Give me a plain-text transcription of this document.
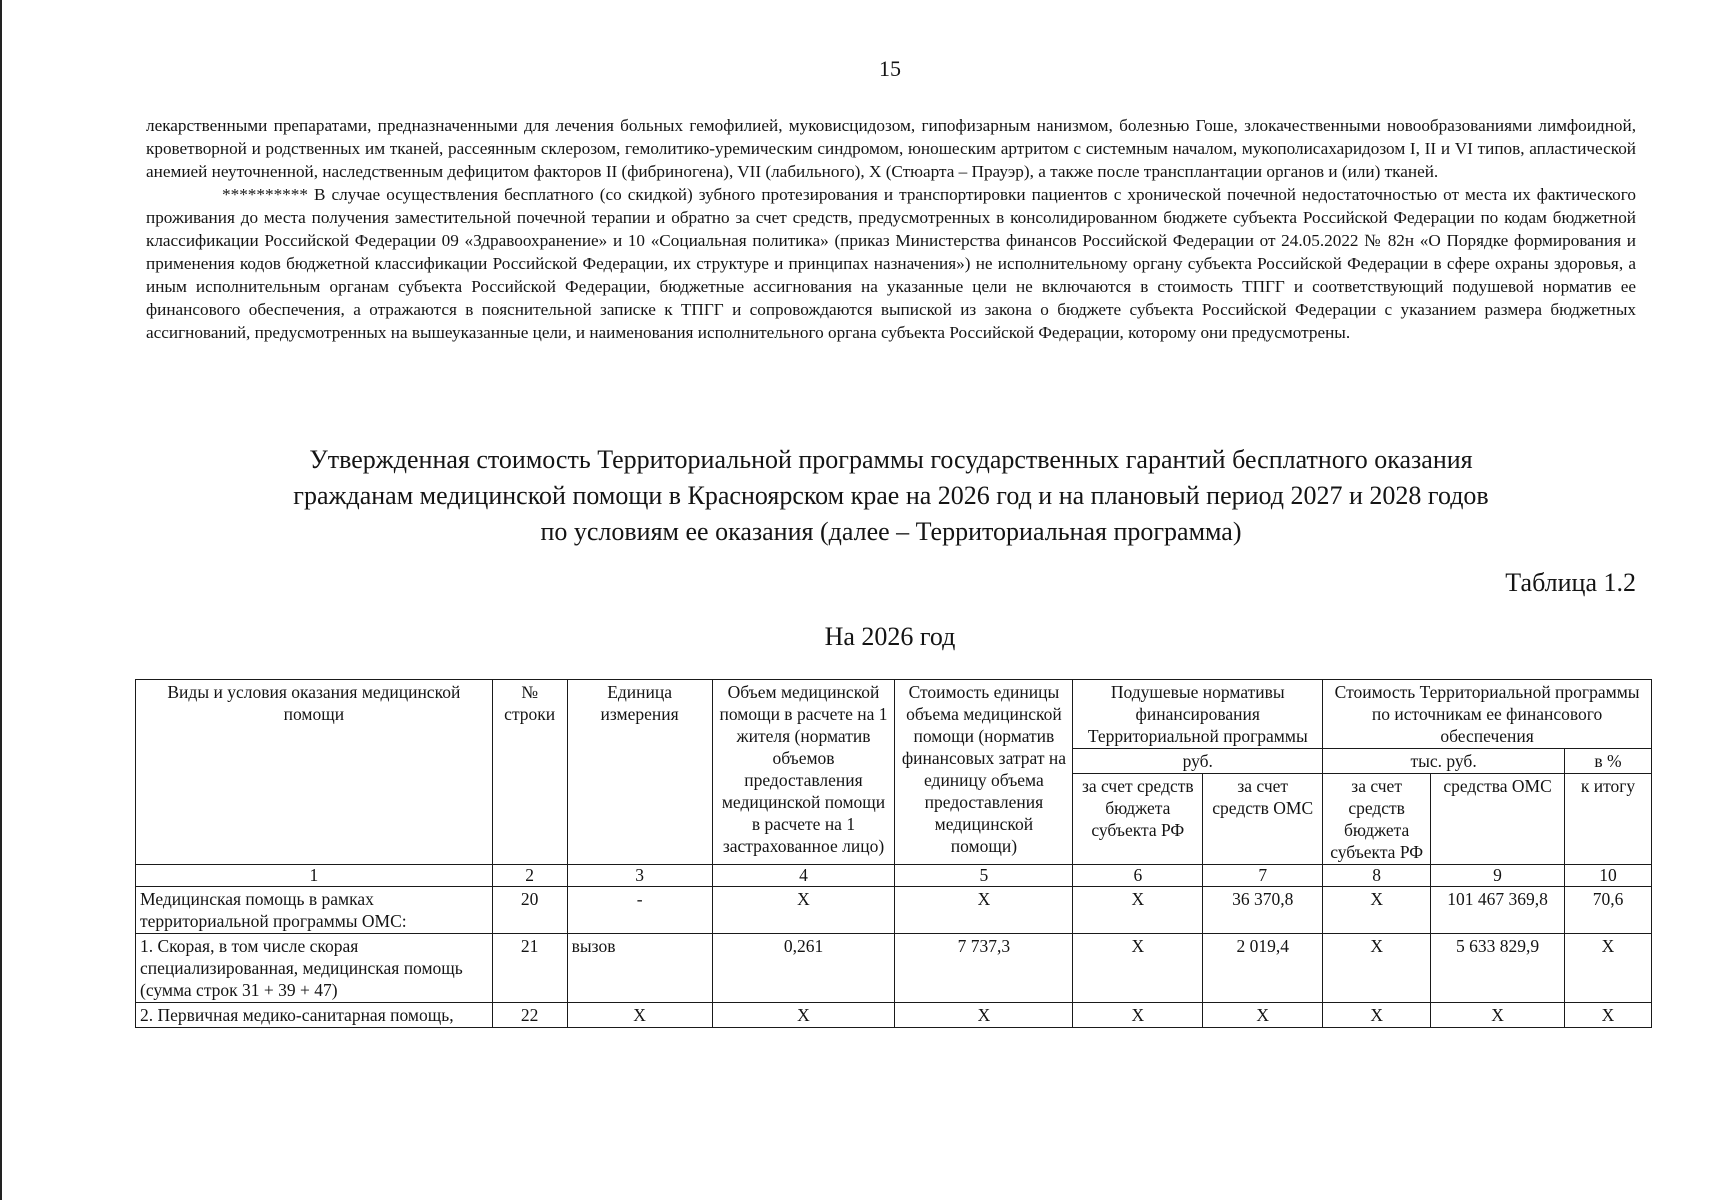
15

лекарственными препаратами, предназначенными для лечения больных гемофилией, муковисцидозом, гипофизарным нанизмом, болезнью Гоше, злокачественными новообразованиями лимфоидной, кроветворной и родственных им тканей, рассеянным склерозом, гемолитико-уремическим синдромом, юношеским артритом с системным началом, мукополисахаридозом I, II и VI типов, апластической анемией неуточненной, наследственным дефицитом факторов II (фибриногена), VII (лабильного), X (Стюарта – Прауэр), а также после трансплантации органов и (или) тканей.

********** В случае осуществления бесплатного (со скидкой) зубного протезирования и транспортировки пациентов с хронической почечной недостаточностью от места их фактического проживания до места получения заместительной почечной терапии и обратно за счет средств, предусмотренных в консолидированном бюджете субъекта Российской Федерации по кодам бюджетной классификации Российской Федерации 09 «Здравоохранение» и 10 «Социальная политика» (приказ Министерства финансов Российской Федерации от 24.05.2022 № 82н «О Порядке формирования и применения кодов бюджетной классификации Российской Федерации, их структуре и принципах назначения») не исполнительному органу субъекта Российской Федерации в сфере охраны здоровья, а иным исполнительным органам субъекта Российской Федерации, бюджетные ассигнования на указанные цели не включаются в стоимость ТПГГ и соответствующий подушевой норматив ее финансового обеспечения, а отражаются в пояснительной записке к ТПГГ и сопровождаются выпиской из закона о бюджете субъекта Российской Федерации с указанием размера бюджетных ассигнований, предусмотренных на вышеуказанные цели, и наименования исполнительного органа субъекта Российской Федерации, которому они предусмотрены.

Утвержденная стоимость Территориальной программы государственных гарантий бесплатного оказания
гражданам медицинской помощи в Красноярском крае на 2026 год и на плановый период 2027 и 2028 годов
по условиям ее оказания (далее – Территориальная программа)
Таблица 1.2
На 2026 год
Виды и условия оказания медицинской помощи	№ строки	Единица измерения	Объем медицинской помощи в расчете на 1 жителя (норматив объемов предоставления медицинской помощи в расчете на 1 застрахованное лицо)	Стоимость единицы объема медицинской помощи (норматив финансовых затрат на единицу объема предоставления медицинской помощи)	Подушевые нормативы финансирования Территориальной программы		Стоимость Территориальной программы по источникам ее финансового обеспечения		
					руб.		тыс. руб.		в %
					за счет средств бюджета субъекта РФ	за счет средств ОМС	за счет средств бюджета субъекта РФ	средства ОМС	к итогу
1	2	3	4	5	6	7	8	9	10
Медицинская помощь в рамках территориальной программы ОМС:	20	-	X	X	X	36 370,8	X	101 467 369,8	70,6
1. Скорая, в том числе скорая специализированная, медицинская помощь (сумма строк 31 + 39 + 47)	21	вызов	0,261	7 737,3	X	2 019,4	X	5 633 829,9	X
2. Первичная медико-санитарная помощь,	22	X	X	X	X	X	X	X	X
